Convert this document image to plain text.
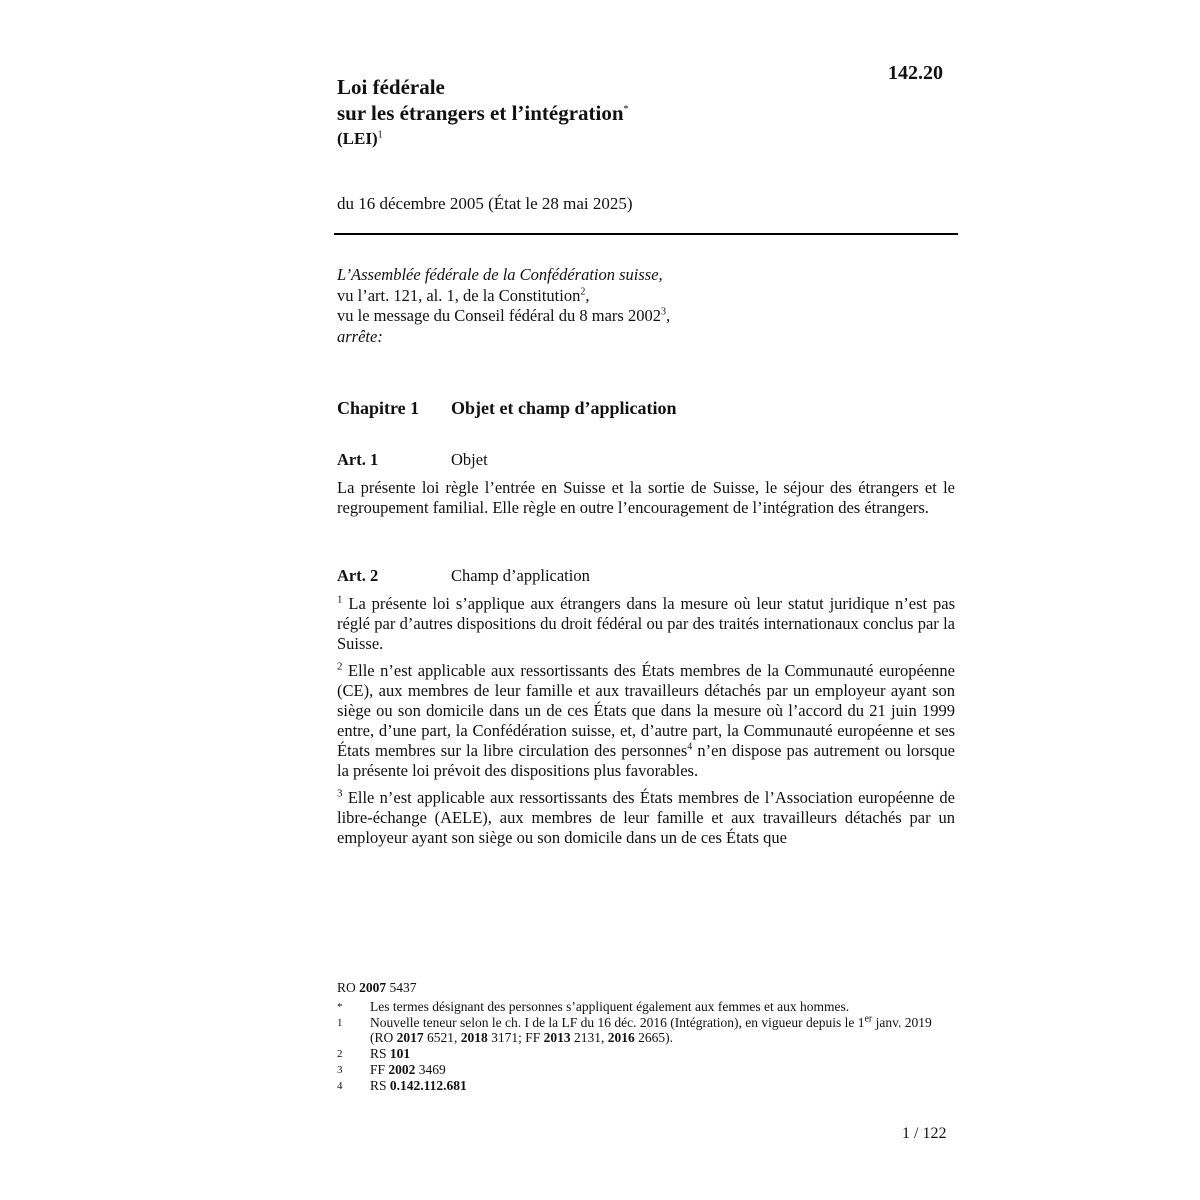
142.20
Loi fédérale
sur les étrangers et l’intégration*
(LEI)$^1$
du 16 décembre 2005 (État le 28 mai 2025)
L’Assemblée fédérale de la Confédération suisse,
vu l’art. 121, al. 1, de la Constitution$^2$,
vu le message du Conseil fédéral du 8 mars 2002$^3$,
arrête:
Chapitre 1 Objet et champ d’application
Art. 1	Objet

La présente loi règle l’entrée en Suisse et la sortie de Suisse, le séjour des étrangers et le regroupement familial. Elle règle en outre l’encouragement de l’intégration des étrangers.

Art. 2	Champ d’application

$^1$ La présente loi s’applique aux étrangers dans la mesure où leur statut juridique n’est pas réglé par d’autres dispositions du droit fédéral ou par des traités internationaux conclus par la Suisse.

$^2$ Elle n’est applicable aux ressortissants des États membres de la Communauté européenne (CE), aux membres de leur famille et aux travailleurs détachés par un employeur ayant son siège ou son domicile dans un de ces États que dans la mesure où l’accord du 21 juin 1999 entre, d’une part, la Confédération suisse, et, d’autre part, la Communauté européenne et ses États membres sur la libre circulation des personnes$^4$ n’en dispose pas autrement ou lorsque la présente loi prévoit des dispositions plus favorables.

$^3$ Elle n’est applicable aux ressortissants des États membres de l’Association européenne de libre-échange (AELE), aux membres de leur famille et aux travailleurs détachés par un employeur ayant son siège ou son domicile dans un de ces États que

RO 2007 5437
* Les termes désignant des personnes s’appliquent également aux femmes et aux hommes.
1 Nouvelle teneur selon le ch. I de la LF du 16 déc. 2016 (Intégration), en vigueur depuis le 1er janv. 2019 (RO 2017 6521, 2018 3171; FF 2013 2131, 2016 2665).
2 RS 101
3 FF 2002 3469
4 RS 0.142.112.681
1 / 122
